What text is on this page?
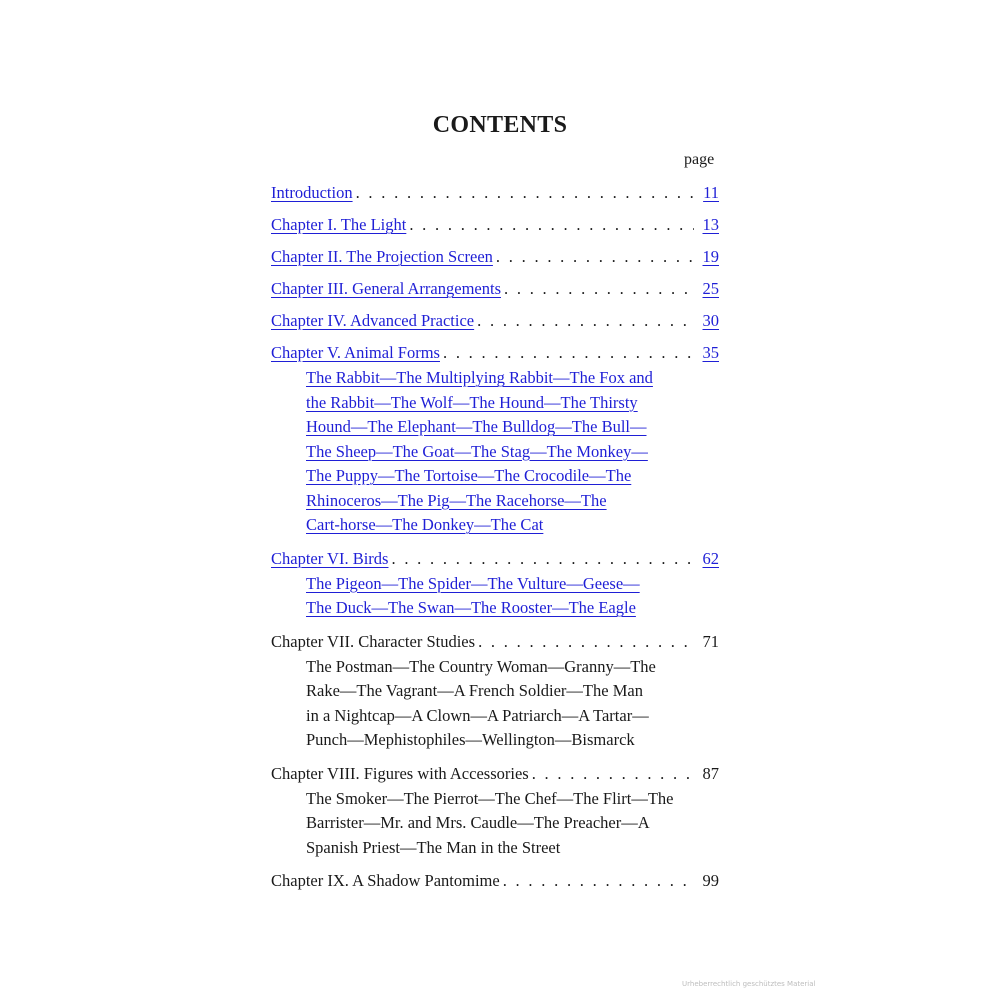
CONTENTS
page
Introduction . . .	11
Chapter I. The Light . . .	13
Chapter II. The Projection Screen . . .	19
Chapter III. General Arrangements . . .	25
Chapter IV. Advanced Practice . . .	30
Chapter V. Animal Forms . . .	35
The Rabbit—The Multiplying Rabbit—The Fox and
the Rabbit—The Wolf—The Hound—The Thirsty
Hound—The Elephant—The Bulldog—The Bull—
The Sheep—The Goat—The Stag—The Monkey—
The Puppy—The Tortoise—The Crocodile—The
Rhinoceros—The Pig—The Racehorse—The
Cart-horse—The Donkey—The Cat
Chapter VI. Birds . . .	62
The Pigeon—The Spider—The Vulture—Geese—
The Duck—The Swan—The Rooster—The Eagle
Chapter VII. Character Studies . . .	71
The Postman—The Country Woman—Granny—The
Rake—The Vagrant—A French Soldier—The Man
in a Nightcap—A Clown—A Patriarch—A Tartar—
Punch—Mephistophiles—Wellington—Bismarck
Chapter VIII. Figures with Accessories . . .	87
The Smoker—The Pierrot—The Chef—The Flirt—The
Barrister—Mr. and Mrs. Caudle—The Preacher—A
Spanish Priest—The Man in the Street
Chapter IX. A Shadow Pantomime . . .	99
Urheberrechtlich geschütztes Material
